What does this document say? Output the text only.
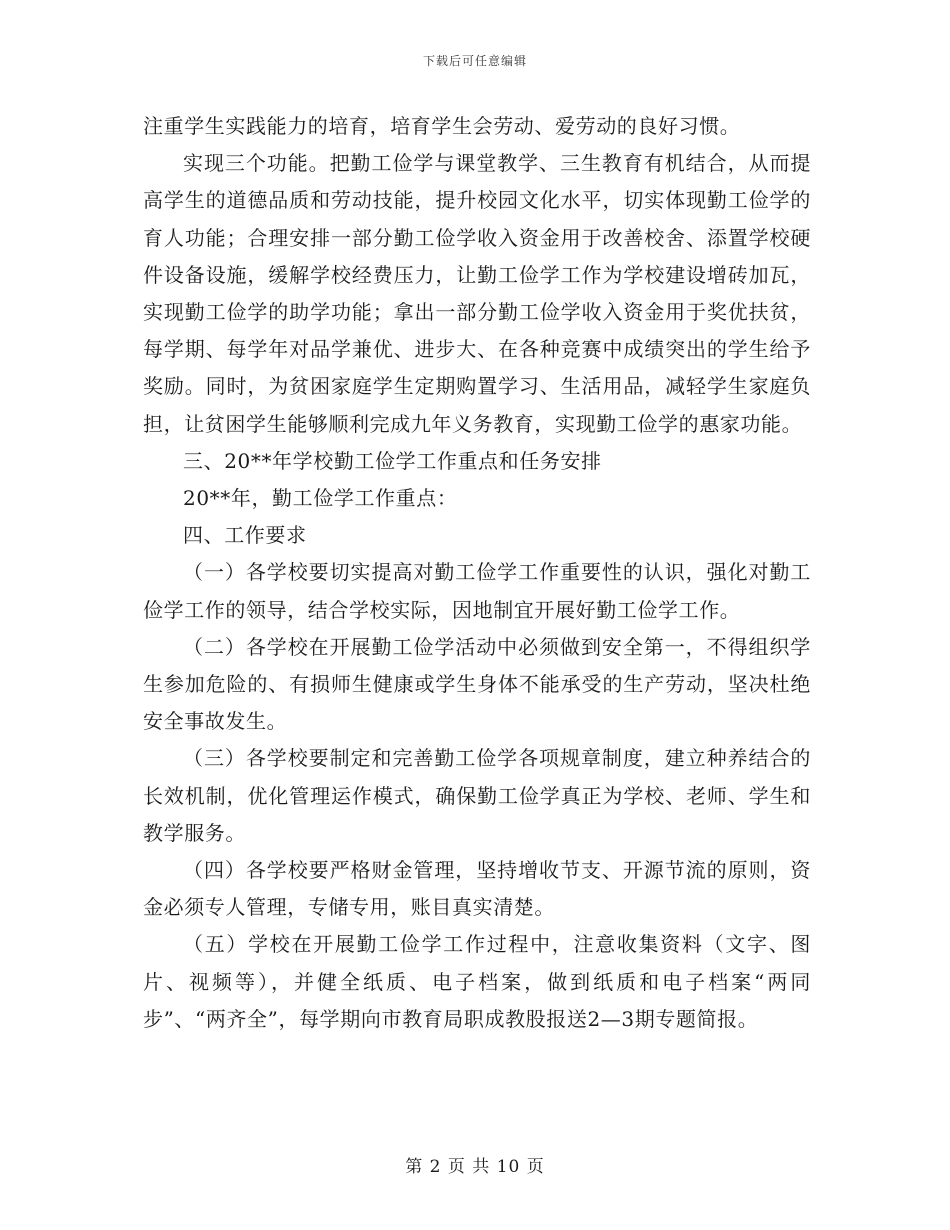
下载后可任意编辑

注重学生实践能力的培育，培育学生会劳动、爱劳动的良好习惯。

实现三个功能。把勤工俭学与课堂教学、三生教育有机结合，从而提高学生的道德品质和劳动技能，提升校园文化水平，切实体现勤工俭学的育人功能；合理安排一部分勤工俭学收入资金用于改善校舍、添置学校硬件设备设施，缓解学校经费压力，让勤工俭学工作为学校建设增砖加瓦，实现勤工俭学的助学功能；拿出一部分勤工俭学收入资金用于奖优扶贫，每学期、每学年对品学兼优、进步大、在各种竞赛中成绩突出的学生给予奖励。同时，为贫困家庭学生定期购置学习、生活用品，减轻学生家庭负担，让贫困学生能够顺利完成九年义务教育，实现勤工俭学的惠家功能。

三、20**年学校勤工俭学工作重点和任务安排

20**年，勤工俭学工作重点：

四、工作要求

（一）各学校要切实提高对勤工俭学工作重要性的认识，强化对勤工俭学工作的领导，结合学校实际，因地制宜开展好勤工俭学工作。

（二）各学校在开展勤工俭学活动中必须做到安全第一，不得组织学生参加危险的、有损师生健康或学生身体不能承受的生产劳动，坚决杜绝安全事故发生。

（三）各学校要制定和完善勤工俭学各项规章制度，建立种养结合的长效机制，优化管理运作模式，确保勤工俭学真正为学校、老师、学生和教学服务。

（四）各学校要严格财金管理，坚持增收节支、开源节流的原则，资金必须专人管理，专储专用，账目真实清楚。

（五）学校在开展勤工俭学工作过程中，注意收集资料（文字、图片、视频等），并健全纸质、电子档案，做到纸质和电子档案“两同步”、“两齐全”，每学期向市教育局职成教股报送2—3期专题简报。

第 2 页 共 10 页
